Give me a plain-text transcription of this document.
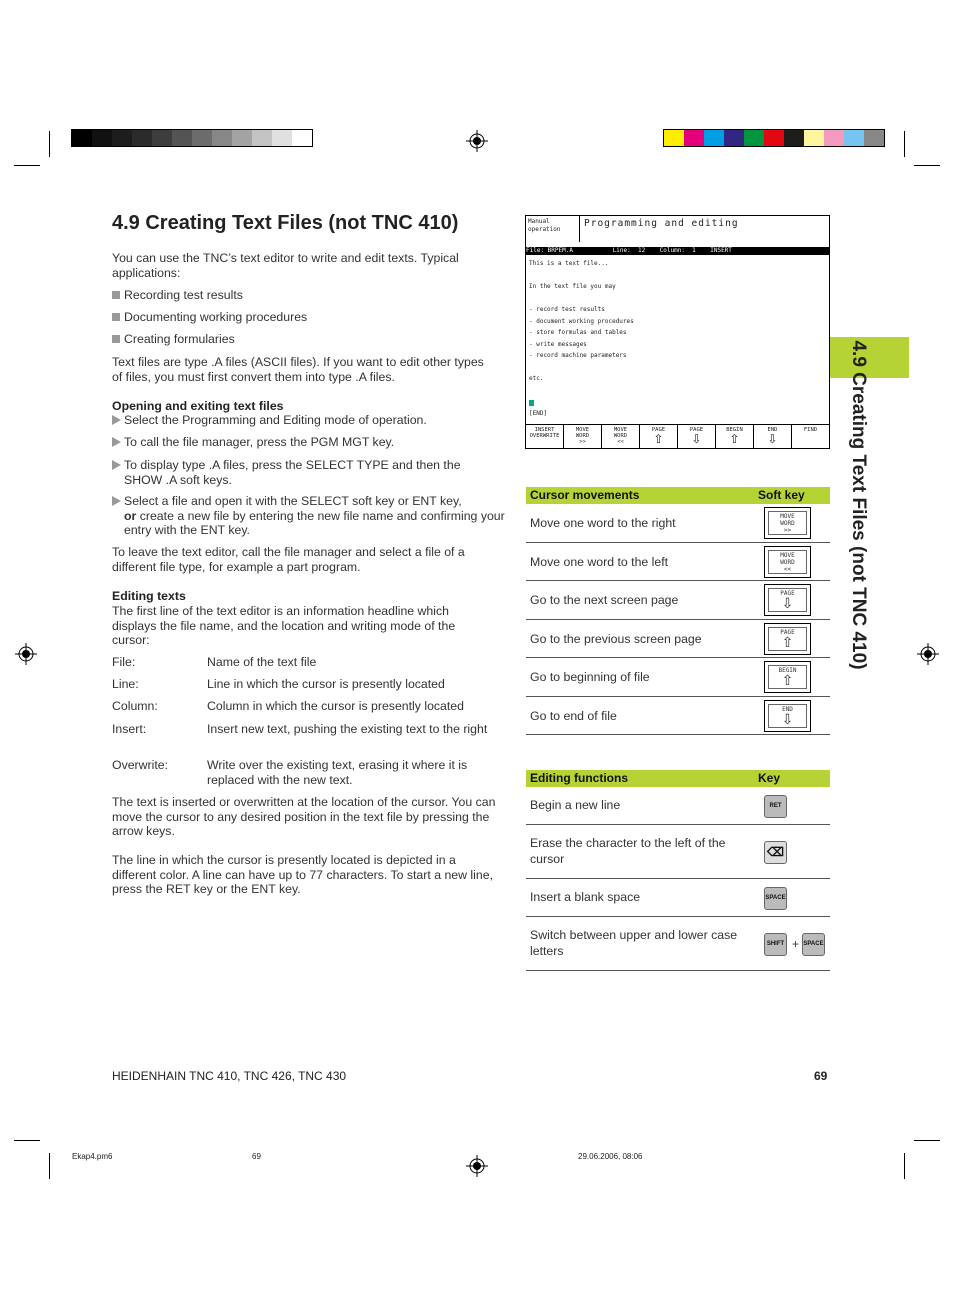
4.9 Creating Text Files (not TNC 410)
4.9 Creating Text Files (not TNC 410)
You can use the TNC’s text editor to write and edit texts. Typical applications:
Recording test results
Documenting working procedures
Creating formularies
Text files are type .A files (ASCII files). If you want to edit other types of files, you must first convert them into type .A files.
Opening and exiting text files
Select the Programming and Editing mode of operation.
To call the file manager, press the PGM MGT key.
To display type .A files, press the SELECT TYPE and then the SHOW .A soft keys.
Select a file and open it with the SELECT soft key or ENT key,
or create a new file by entering the new file name and confirming your entry with the ENT key.
To leave the text editor, call the file manager and select a file of a different file type, for example a part program.
Editing texts
The first line of the text editor is an information headline which displays the file name, and the location and writing mode of the cursor:
File:	Name of the text file
Line:	Line in which the cursor is presently located
Column:	Column in which the cursor is presently located
Insert:	Insert new text, pushing the existing text to the right
Overwrite:	Write over the existing text, erasing it where it is replaced with the new text.
The text is inserted or overwritten at the location of the cursor. You can move the cursor to any desired position in the text file by pressing the arrow keys.
The line in which the cursor is presently located is depicted in a different color. A line can have up to 77 characters. To start a new line, press the RET key or the ENT key.
Manual
operation
Programming and editing
File: BRPEM.A           Line:  12    Column:  1    INSERT
This is a text file...
In the text file you may
- record test results
- document working procedures
- store formulas and tables
- write messages
- record machine parameters
etc.
[END]
INSERT
OVERWRITE
MOVE
WORD
>>
MOVE
WORD
<<
PAGE
⇧
PAGE
⇩
BEGIN
⇧
END
⇩
FIND
Cursor movements	Soft key
Move one word to the right	MOVE
WORD
>>
Move one word to the left	MOVE
WORD
<<
Go to the next screen page	PAGE
⇩
Go to the previous screen page	PAGE
⇧
Go to beginning of file	BEGIN
⇧
Go to end of file	END
⇩
Editing functions	Key
Begin a new line	RET
Erase the character to the left of the cursor	⌫
Insert a blank space	SPACE
Switch between upper and lower case letters	SHIFT + SPACE
HEIDENHAIN TNC 410, TNC 426, TNC 430	69
Ekap4.pm6	69	29.06.2006, 08:06
